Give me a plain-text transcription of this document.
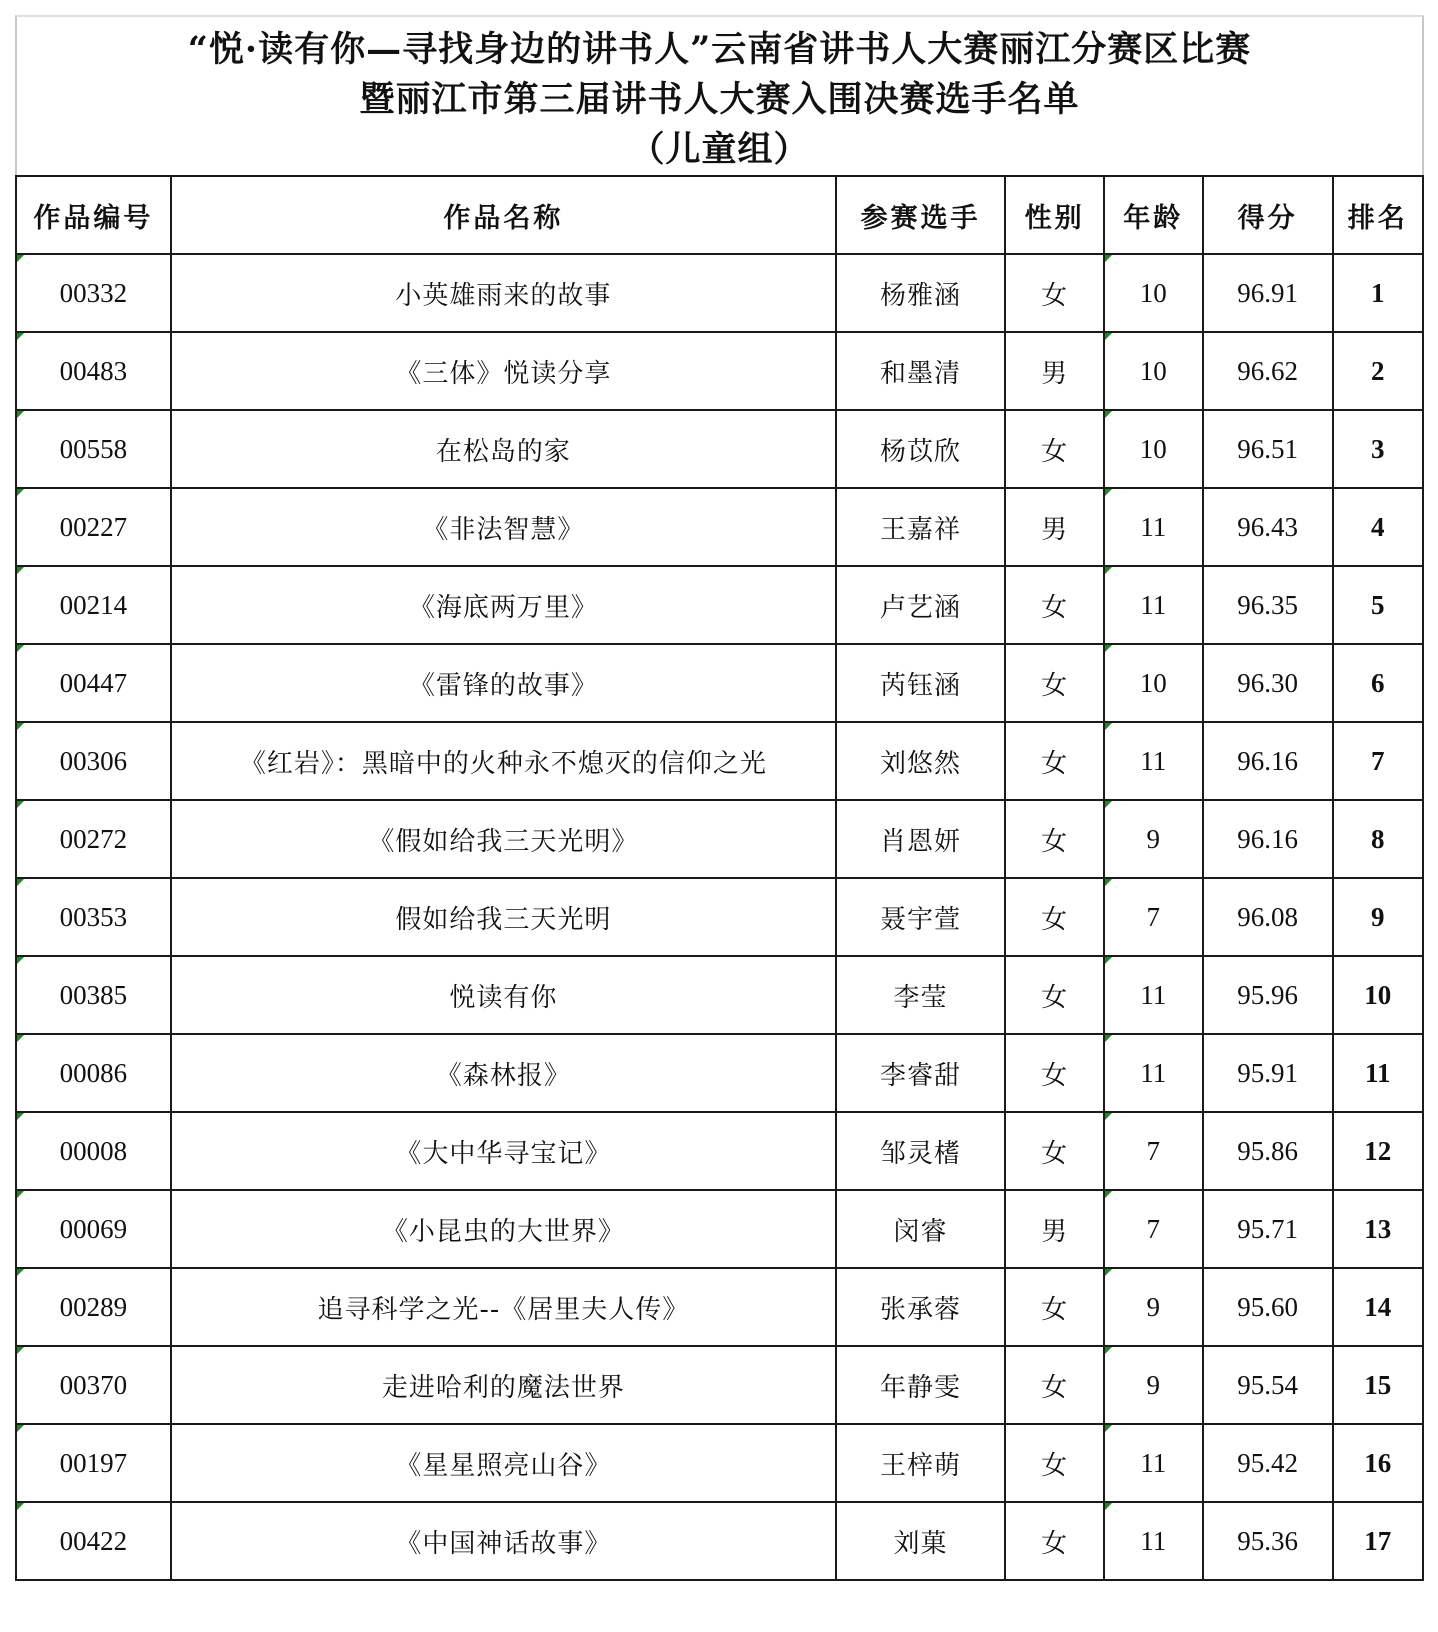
“悦·读有你—寻找身边的讲书人”云南省讲书人大赛丽江分赛区比赛
暨丽江市第三届讲书人大赛入围决赛选手名单
（儿童组）
作品编号	作品名称	参赛选手	性别	年龄	得分	排名
00332	小英雄雨来的故事	杨雅涵	女	10	96.91	1
00483	《三体》悦读分享	和墨清	男	10	96.62	2
00558	在松岛的家	杨苡欣	女	10	96.51	3
00227	《非法智慧》	王嘉祥	男	11	96.43	4
00214	《海底两万里》	卢艺涵	女	11	96.35	5
00447	《雷锋的故事》	芮钰涵	女	10	96.30	6
00306	《红岩》：黑暗中的火种永不熄灭的信仰之光	刘悠然	女	11	96.16	7
00272	《假如给我三天光明》	肖恩妍	女	9	96.16	8
00353	假如给我三天光明	聂宇萱	女	7	96.08	9
00385	悦读有你	李莹	女	11	95.96	10
00086	《森林报》	李睿甜	女	11	95.91	11
00008	《大中华寻宝记》	邹灵榰	女	7	95.86	12
00069	《小昆虫的大世界》	闵睿	男	7	95.71	13
00289	追寻科学之光--《居里夫人传》	张承蓉	女	9	95.60	14
00370	走进哈利的魔法世界	年静雯	女	9	95.54	15
00197	《星星照亮山谷》	王梓萌	女	11	95.42	16
00422	《中国神话故事》	刘菓	女	11	95.36	17
